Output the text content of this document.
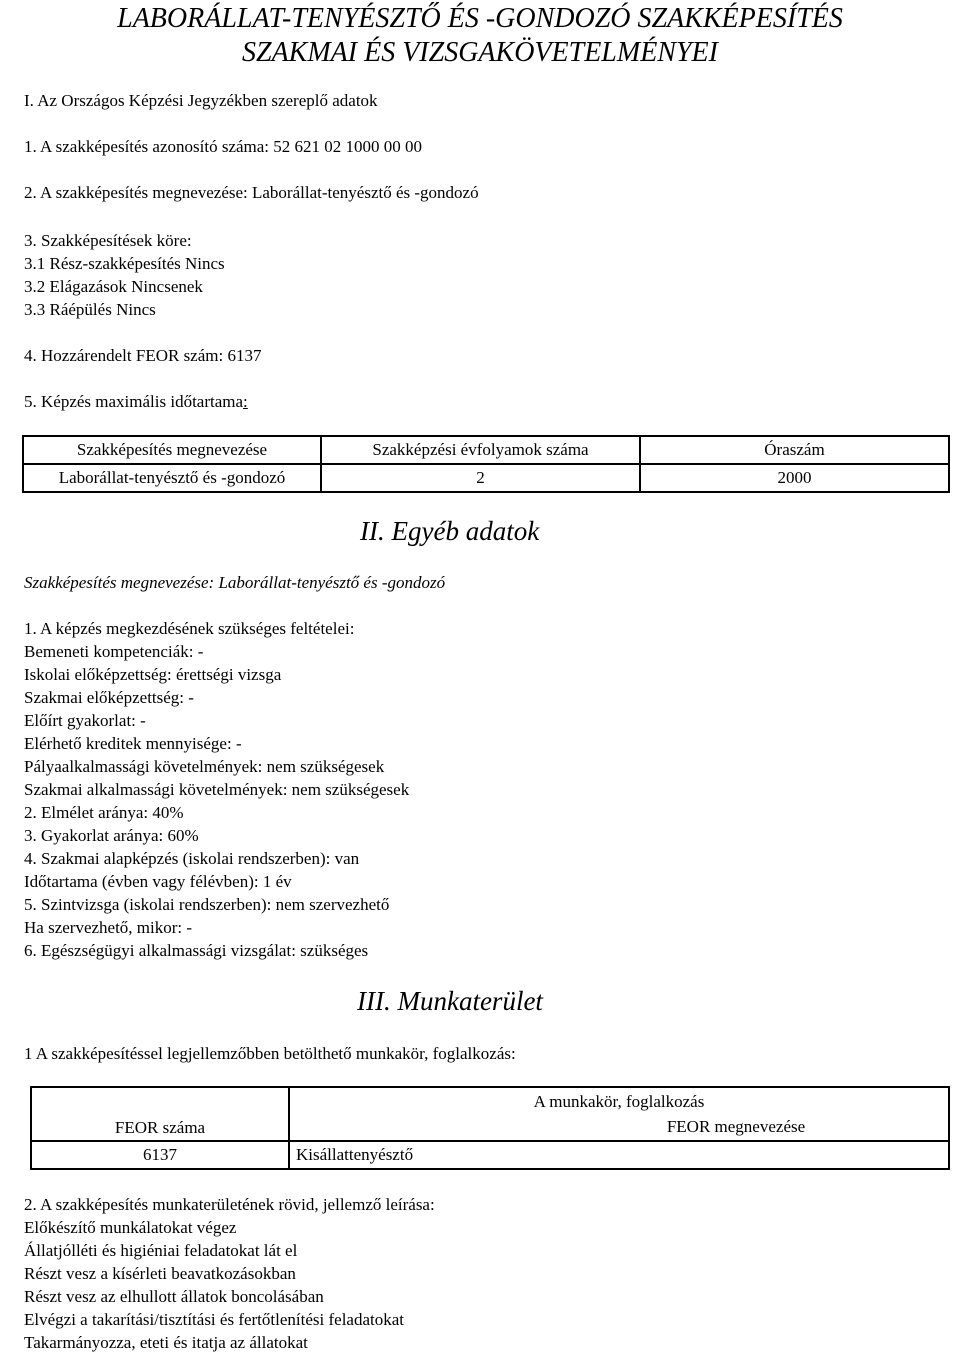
LABORÁLLAT-TENYÉSZTŐ ÉS -GONDOZÓ SZAKKÉPESÍTÉS
SZAKMAI ÉS VIZSGAKÖVETELMÉNYEI
I. Az Országos Képzési Jegyzékben szereplő adatok
1. A szakképesítés azonosító száma: 52 621 02 1000 00 00
2. A szakképesítés megnevezése: Laborállat-tenyésztő és -gondozó
3. Szakképesítések köre:
3.1 Rész-szakképesítés Nincs
3.2 Elágazások Nincsenek
3.3 Ráépülés Nincs
4. Hozzárendelt FEOR szám: 6137
5. Képzés maximális időtartama:
Szakképesítés megnevezése	Szakképzési évfolyamok száma	Óraszám
Laborállat-tenyésztő és -gondozó	2	2000
II. Egyéb adatok
Szakképesítés megnevezése: Laborállat-tenyésztő és -gondozó
1. A képzés megkezdésének szükséges feltételei:
Bemeneti kompetenciák: -
Iskolai előképzettség: érettségi vizsga
Szakmai előképzettség: -
Előírt gyakorlat: -
Elérhető kreditek mennyisége: -
Pályaalkalmassági követelmények: nem szükségesek
Szakmai alkalmassági követelmények: nem szükségesek
2. Elmélet aránya: 40%
3. Gyakorlat aránya: 60%
4. Szakmai alapképzés (iskolai rendszerben): van
Időtartama (évben vagy félévben): 1 év
5. Szintvizsga (iskolai rendszerben): nem szervezhető
Ha szervezhető, mikor: -
6. Egészségügyi alkalmassági vizsgálat: szükséges
III. Munkaterület
1 A szakképesítéssel legjellemzőbben betölthető munkakör, foglalkozás:
FEOR száma	A munkakör, foglalkozás
	FEOR megnevezése
6137	Kisállattenyésztő
2. A szakképesítés munkaterületének rövid, jellemző leírása:
Előkészítő munkálatokat végez
Állatjólléti és higiéniai feladatokat lát el
Részt vesz a kísérleti beavatkozásokban
Részt vesz az elhullott állatok boncolásában
Elvégzi a takarítási/tisztítási és fertőtlenítési feladatokat
Takarmányozza, eteti és itatja az állatokat
